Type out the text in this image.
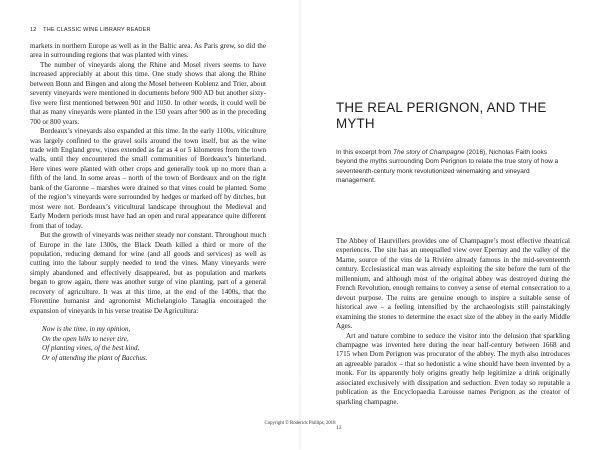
12 THE CLASSIC WINE LIBRARY READER

markets in northern Europe as well as in the Baltic area. As Paris grew, so did the area in surrounding regions that was planted with vines.

The number of vineyards along the Rhine and Mosel rivers seems to have increased appreciably at about this time. One study shows that along the Rhine between Bonn and Bingen and along the Mosel between Koblenz and Trier, about seventy vineyards were mentioned in documents before 900 AD but another sixty-five were first mentioned between 901 and 1050. In other words, it could well be that as many vineyards were planted in the 150 years after 900 as in the preceding 700 or 800 years.

Bordeaux’s vineyards also expanded at this time. In the early 1100s, viticulture was largely confined to the gravel soils around the town itself, but as the wine trade with England grew, vines extended as far as 4 or 5 kilometres from the town walls, until they encountered the small communities of Bordeaux’s hinterland. Here vines were planted with other crops and generally took up no more than a fifth of the land. In some areas – north of the town of Bordeaux and on the right bank of the Garonne – marshes were drained so that vines could be planted. Some of the region’s vineyards were surrounded by hedges or marked off by ditches, but most were not. Bordeaux’s viticultural landscape throughout the Medieval and Early Modern periods must have had an open and rural appearance quite different from that of today.

But the growth of vineyards was neither steady nor constant. Throughout much of Europe in the late 1300s, the Black Death killed a third or more of the population, reducing demand for wine (and all goods and services) as well as cutting into the labour supply needed to tend the vines. Many vineyards were simply abandoned and effectively disappeared, but as population and markets began to grow again, there was another surge of vine planting, part of a general recovery of agriculture. It was at this time, at the end of the 1400s, that the Florentine humanist and agronomist Michelangiolo Tanaglia encouraged the expansion of vineyards in his verse treatise De Agricultura:

Now is the time, in my opinion,
On the open hills to never tire,
Of planting vines, of the best kind,
Or of attending the plant of Bacchus.
THE REAL PERIGNON, AND THE MYTH
In this excerpt from The story of Champagne (2016), Nicholas Faith looks beyond the myths surrounding Dom Perignon to relate the true story of how a seventeenth-century monk revolutionized winemaking and vineyard management.

The Abbey of Hautvillers provides one of Champagne’s most effective theatrical experiences. The site has an unequalled view over Epernay and the valley of the Marne, source of the vins de la Rivière already famous in the mid-seventeenth century. Ecclesiastical man was already exploiting the site before the turn of the millennium, and although most of the original abbey was destroyed during the French Revolution, enough remains to convey a sense of eternal consecration to a devout purpose. The ruins are genuine enough to inspire a suitable sense of historical awe – a feeling intensified by the archaeologists still painstakingly examining the stones to determine the exact size of the abbey in the early Middle Ages.

Art and nature combine to seduce the visitor into the delusion that sparkling champagne was invented here during the near half-century between 1668 and 1715 when Dom Perignon was procurator of the abbey. The myth also introduces an agreeable paradox – that so hedonistic a wine should have been invented by a monk. For its apparently holy origins greatly help legitimize a drink originally associated exclusively with dissipation and seduction. Even today so reputable a publication as the Encyclopaedia Larousse names Perignon as the creator of sparkling champagne.

13
Copyright © Roderick Phillips, 2018
